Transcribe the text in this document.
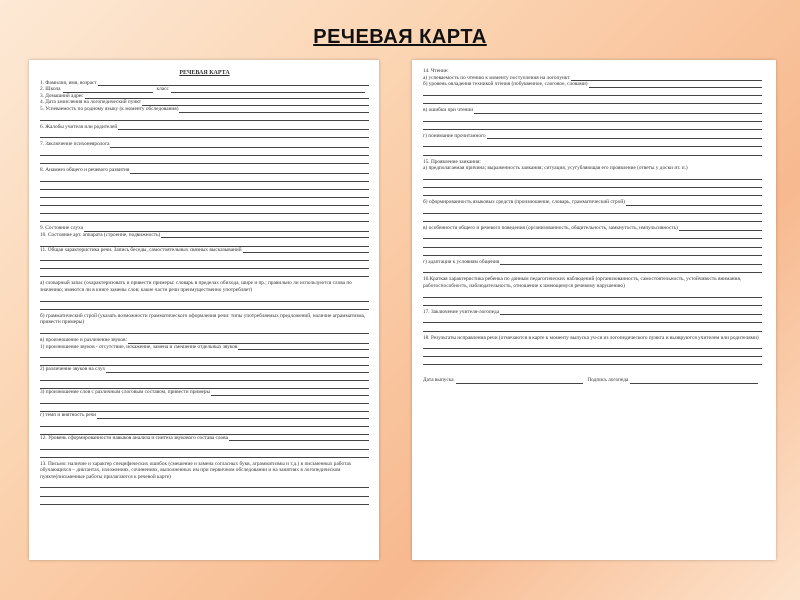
РЕЧЕВАЯ КАРТА
РЕЧЕВАЯ КАРТА
1. Фамилия, имя, возраст
2. Школа	класс
3. Домашний адрес
4. Дата зачисления на логопедический пункт
5. Успеваемость по родному языку (к моменту обследования)
6. Жалобы учителя или родителей
7. Заключение психоневролога
8. Анамнез общего и речевого развития
9. Состояние слуха
10. Состояние арт. аппарата (строение, подвижность)
11. Общая характеристика речи. Запись беседы, самостоятельных связных высказываний
а) словарный запас (охарактеризовать и привести примеры: словарь в пределах обихода, шире и пр.; правильно ли используются слова по значению; имеются ли в книге замены слов; какие части речи преимущественно употребляет)
б) грамматический строй (указать возможности грамматического оформления речи: типы употребляемых предложений, наличие аграмматизма, привести примеры)
в) произношение и различение звуков:
1) произношение звуков - отсутствие, искажение, замена и смешение отдельных звуков
2) различение звуков на слух
3) произношение слов с различным слоговым составом, привести примеры
г) темп и внятность речи
12. Уровень сформированности навыков анализа и синтеза звукового состава слова
13. Письмо: наличие и характер специфических ошибок (смешение и замена согласных букв, аграмматизмы и т.д.) в письменных работах обучающихся – диктантах, изложениях, сочинениях, выполненных им при первичном обследовании и на занятиях в логопедическом пункте(письменные работы прилагаются к речевой карте)
14. Чтение:
а) успеваемость по чтению к моменту поступления на логопункт
б) уровень овладения техникой чтения (побуквенное, слоговое, словами)
в) ошибки при чтении
г) понимание прочитанного
15. Проявление заикания:
а) предполагаемая причина; выраженность заикания; ситуация, усугубляющая его проявление (ответы у доски ит. п.)
б) сформированность языковых средств (произношение, словарь, грамматический строй)
в) особенности общего и речевого поведения (организованность, общительность, замкнутость, импульсивность)
г) адаптация к условиям общения
16.Краткая характеристика ребенка по данным педагогических наблюдений (организованность, самостоятельность, устойчивость внимания, работоспособность, наблюдательность, отношение к имеющемуся речевому нарушению)
17. Заключение учителя-логопеда
18. Результаты исправления речи (отмечаются в карте к моменту выпуска уч-ся из логопедического пункта и вызвруются учителем или родителями)
Дата выпуска	Подпись логопеда
